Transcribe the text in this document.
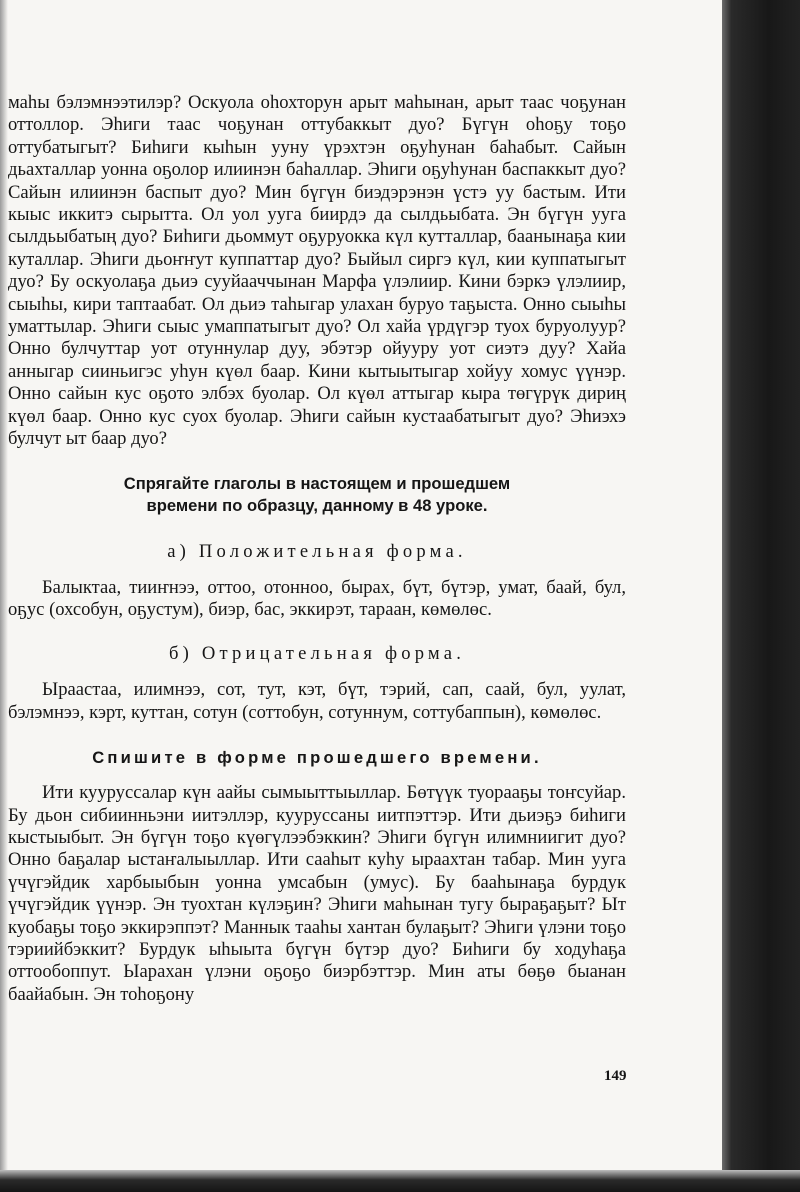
маһы бэлэмнээтилэр? Оскуола оһохторун арыт маһынан, арыт таас чоҕунан оттоллор. Эһиги таас чоҕунан оттубаккыт дуо? Бүгүн оһоҕу тоҕо оттубатыгыт? Биһиги кыһын ууну үрэхтэн оҕуһунан баһабыт. Сайын дьахталлар уонна оҕолор илиинэн баһаллар. Эһиги оҕуһунан баспаккыт дуо? Сайын илиинэн баспыт дуо? Мин бүгүн биэдэрэнэн үстэ уу бастым. Ити кыыс иккитэ сырытта. Ол уол ууга биирдэ да сылдьыбата. Эн бүгүн ууга сылдьыбатың дуо? Биһиги дьоммут оҕуруокка күл кутталлар, баанынаҕа кии куталлар. Эһиги дьоҥҥут куппаттар дуо? Быйыл сиргэ күл, кии куппатыгыт дуо? Бу оскуолаҕа дьиэ сууйааччынан Марфа үлэлиир. Кини бэркэ үлэлиир, сыыһы, кири таптаабат. Ол дьиэ таһыгар улахан буруо таҕыста. Онно сыыһы уматтылар. Эһиги сыыс умаппатыгыт дуо? Ол хайа үрдүгэр туох буруолуур? Онно булчуттар уот отуннулар дуу, эбэтэр ойууру уот сиэтэ дуу? Хайа анныгар сииньигэс уһун күөл баар. Кини кытыытыгар хойуу хомус үүнэр. Онно сайын кус оҕото элбэх буолар. Ол күөл аттыгар кыра төгүрүк дириң күөл баар. Онно кус суох буолар. Эһиги сайын кустаабатыгыт дуо? Эһиэхэ булчут ыт баар дуо?

Спрягайте глаголы в настоящем и прошедшем
времени по образцу, данному в 48 уроке.

а) Положительная форма.

Балыктаа, тииҥнээ, оттоо, отонноо, бырах, бүт, бүтэр, умат, баай, бул, оҕус (охсобун, оҕустум), биэр, бас, эккирэт, тараан, көмөлөс.

б) Отрицательная форма.

Ыраастаа, илимнээ, сот, тут, кэт, бүт, тэрий, сап, саай, бул, уулат, бэлэмнээ, кэрт, куттан, сотун (соттобун, сотуннум, соттубаппын), көмөлөс.

Спишите в форме прошедшего времени.

Ити кууруссалар күн аайы сымыыттыыллар. Бөтүүк туорааҕы тоҥсуйар. Бу дьон сибиинньэни иитэллэр, кууруссаны иитпэттэр. Ити дьиэҕэ биһиги кыстыыбыт. Эн бүгүн тоҕо күөгүлээбэккин? Эһиги бүгүн илимниигит дуо? Онно баҕалар ыстаҥалыыллар. Ити сааһыт куһу ыраахтан табар. Мин ууга үчүгэйдик харбыыбын уонна умсабын (умус). Бу бааһынаҕа бурдук үчүгэйдик үүнэр. Эн туохтан күлэҕин? Эһиги маһынан тугу быраҕаҕыт? Ыт куобаҕы тоҕо эккирэппэт? Маннык тааһы хантан булаҕыт? Эһиги үлэни тоҕо тэриийбэккит? Бурдук ыһыыта бүгүн бүтэр дуо? Биһиги бу ходуһаҕа оттообоппут. Ыарахан үлэни оҕоҕо биэрбэттэр. Мин аты бөҕө быанан баайабын. Эн тоһоҕону

149
